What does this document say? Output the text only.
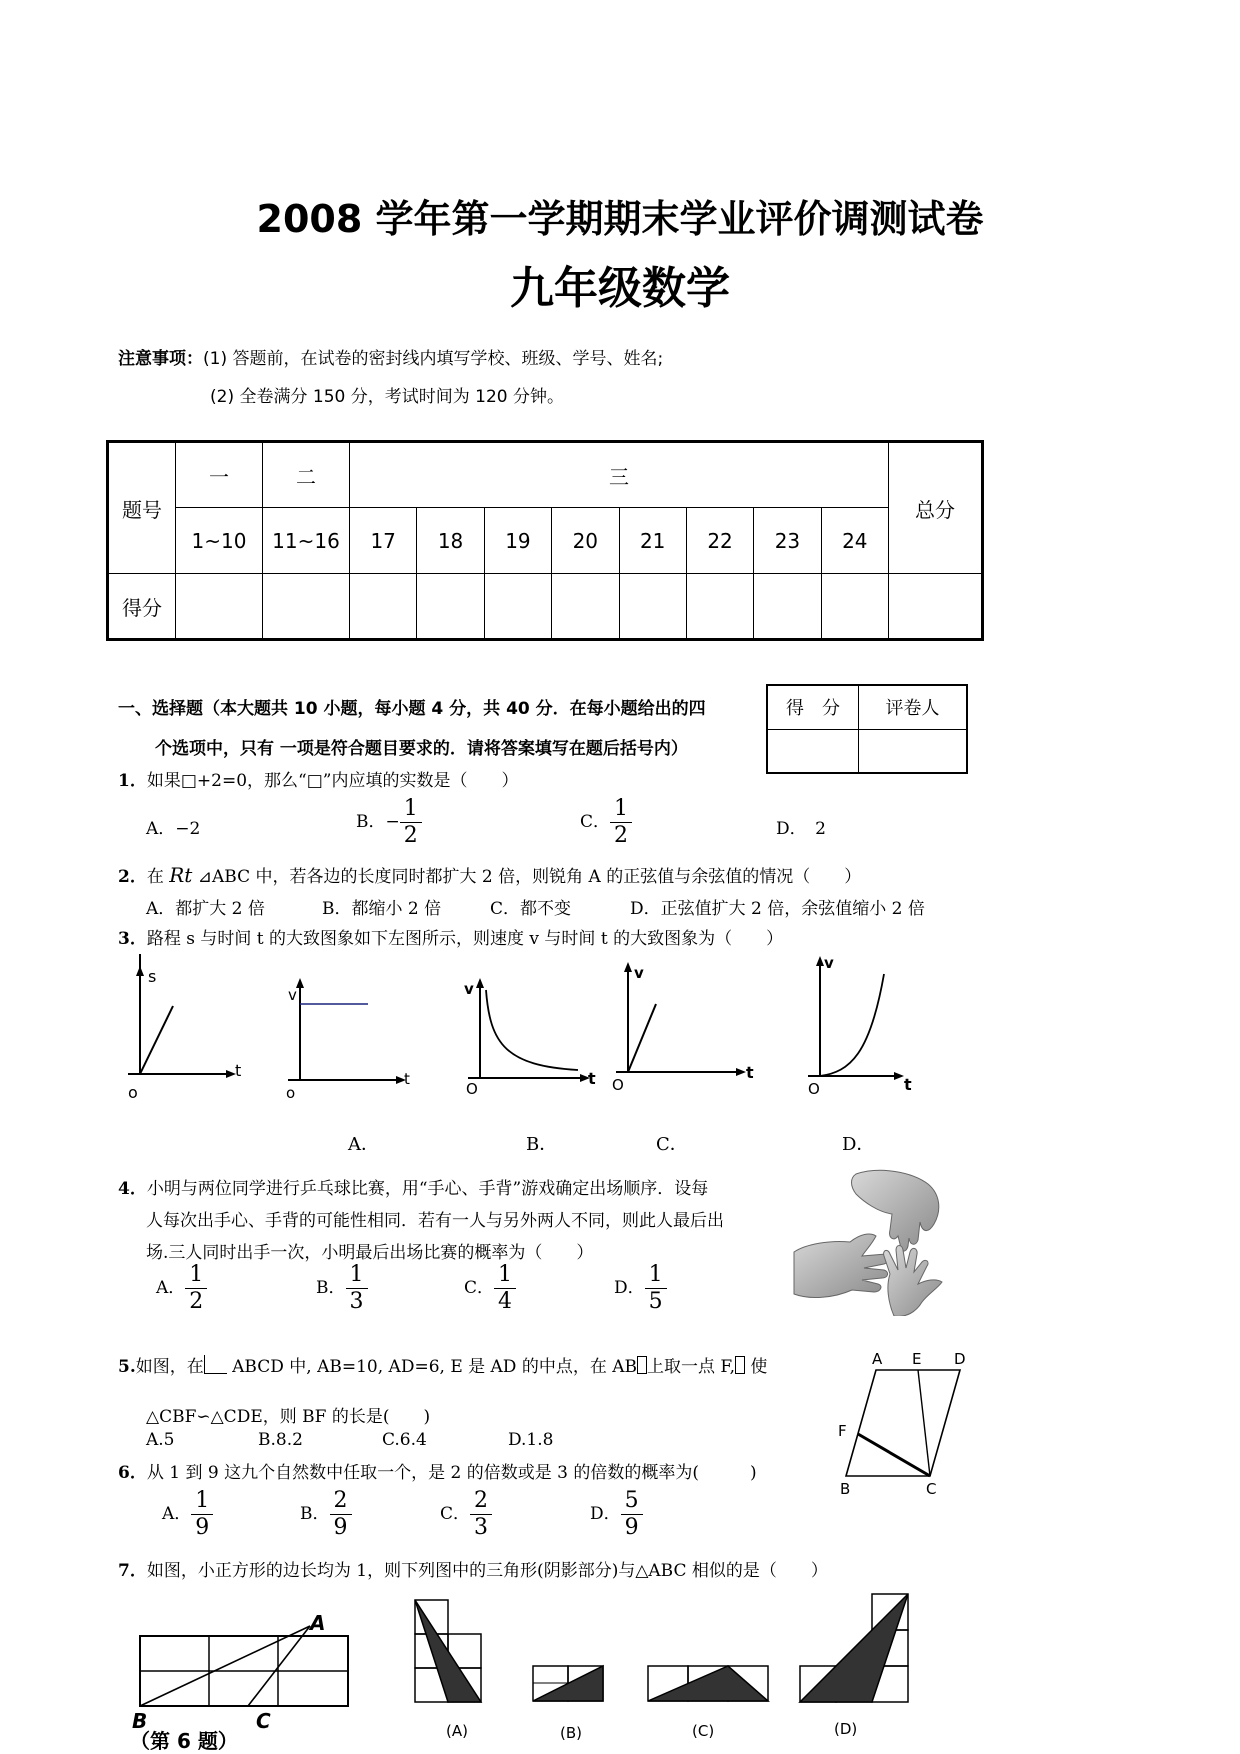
2008 学年第一学期期末学业评价调测试卷
九年级数学
注意事项：(1) 答题前，在试卷的密封线内填写学校、班级、学号、姓名;
(2) 全卷满分 150 分，考试时间为 120 分钟。
题号	一	二	三								总分
	1~10	11~16	17	18	19	20	21	22	23	24	
得分											
得　分	评卷人

一、选择题（本大题共 10 小题，每小题 4 分，共 40 分．在每小题给出的四
个选项中，只有 一项是符合题目要求的．请将答案填写在题后括号内）
1．如果□+2=0，那么“□”内应填的实数是（　　）
A．−2	B．− $\frac{1}{2}$	C． $\frac{1}{2}$	D．　2
2．在 Rt ⊿ABC 中，若各边的长度同时都扩大 2 倍，则锐角 A 的正弦值与余弦值的情况（　　）
A．都扩大 2 倍	B．都缩小 2 倍	C．都不变	D．正弦值扩大 2 倍，余弦值缩小 2 倍
3．路程 s 与时间 t 的大致图象如下左图所示，则速度 v 与时间 t 的大致图象为（　　）
s
t
o
v
t
o
v
t
O
v
t
O
v
t
O
A．	B．	C．	D．
4．小明与两位同学进行乒乓球比赛，用“手心、手背”游戏确定出场顺序．设每
人每次出手心、手背的可能性相同．若有一人与另外两人不同，则此人最后出
场.三人同时出手一次，小明最后出场比赛的概率为（　　）
A． $\frac{1}{2}$	B． $\frac{1}{3}$	C． $\frac{1}{4}$	D． $\frac{1}{5}$
5.如图，在 ABCD 中, AB=10, AD=6, E 是 AD 的中点，在 AB 上取一点 F, 使
△CBF∽△CDE，则 BF 的长是(　　)
A.5	B.8.2	C.6.4	D.1.8
A E D
F
B	C
6．从 1 到 9 这九个自然数中任取一个，是 2 的倍数或是 3 的倍数的概率为(　　　)
A． $\frac{1}{9}$	B． $\frac{2}{9}$	C． $\frac{2}{3}$	D． $\frac{5}{9}$
7．如图，小正方形的边长均为 1，则下列图中的三角形(阴影部分)与△ABC 相似的是（　　）
A
B	C
（第 6 题）	(A)	(B)	(C)	(D)
